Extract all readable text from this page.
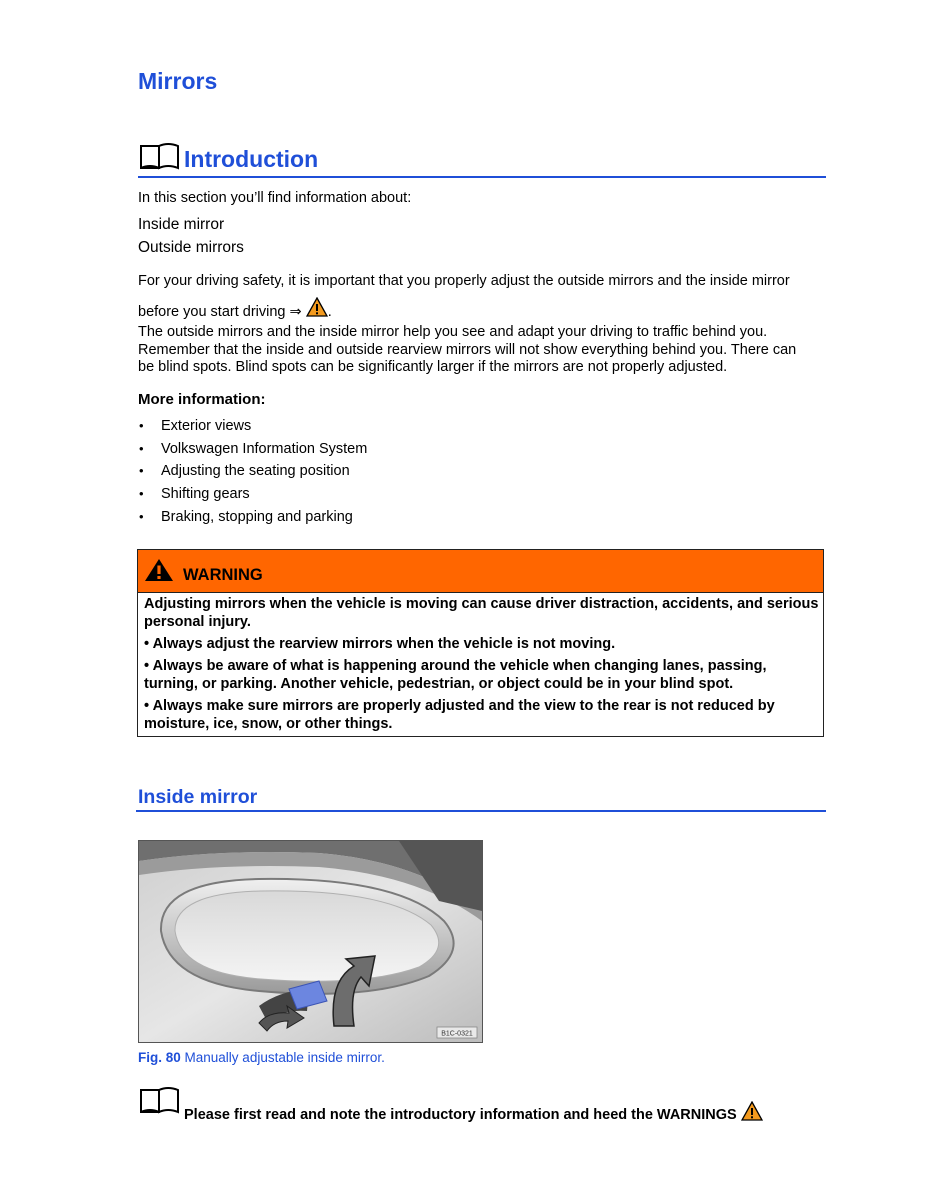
Mirrors
Introduction
In this section you’ll find information about:
Inside mirror
Outside mirrors
For your driving safety, it is important that you properly adjust the outside mirrors and the inside mirror
before you start driving ⇒ .
The outside mirrors and the inside mirror help you see and adapt your driving to traffic behind you. Remember that the inside and outside rearview mirrors will not show everything behind you. There can be blind spots. Blind spots can be significantly larger if the mirrors are not properly adjusted.
More information:
• Exterior views
• Volkswagen Information System
• Adjusting the seating position
• Shifting gears
• Braking, stopping and parking
WARNING
Adjusting mirrors when the vehicle is moving can cause driver distraction, accidents, and serious personal injury.
• Always adjust the rearview mirrors when the vehicle is not moving.
• Always be aware of what is happening around the vehicle when changing lanes, passing, turning, or parking. Another vehicle, pedestrian, or object could be in your blind spot.
• Always make sure mirrors are properly adjusted and the view to the rear is not reduced by moisture, ice, snow, or other things.
Inside mirror
B1C-0321
Fig. 80 Manually adjustable inside mirror.
Please first read and note the introductory information and heed the WARNINGS
